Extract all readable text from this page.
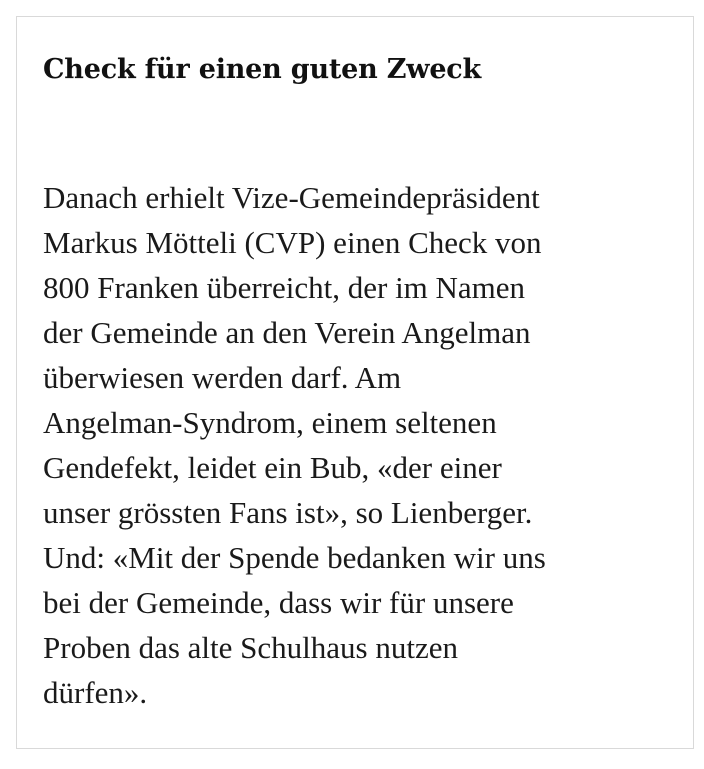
Check für einen guten Zweck

Danach erhielt Vize-Gemeindepräsident
Markus Mötteli (CVP) einen Check von
800 Franken überreicht, der im Namen
der Gemeinde an den Verein Angelman
überwiesen werden darf. Am
Angelman-Syndrom, einem seltenen
Gendefekt, leidet ein Bub, «der einer
unser grössten Fans ist», so Lienberger.
Und: «Mit der Spende bedanken wir uns
bei der Gemeinde, dass wir für unsere
Proben das alte Schulhaus nutzen
dürfen».
